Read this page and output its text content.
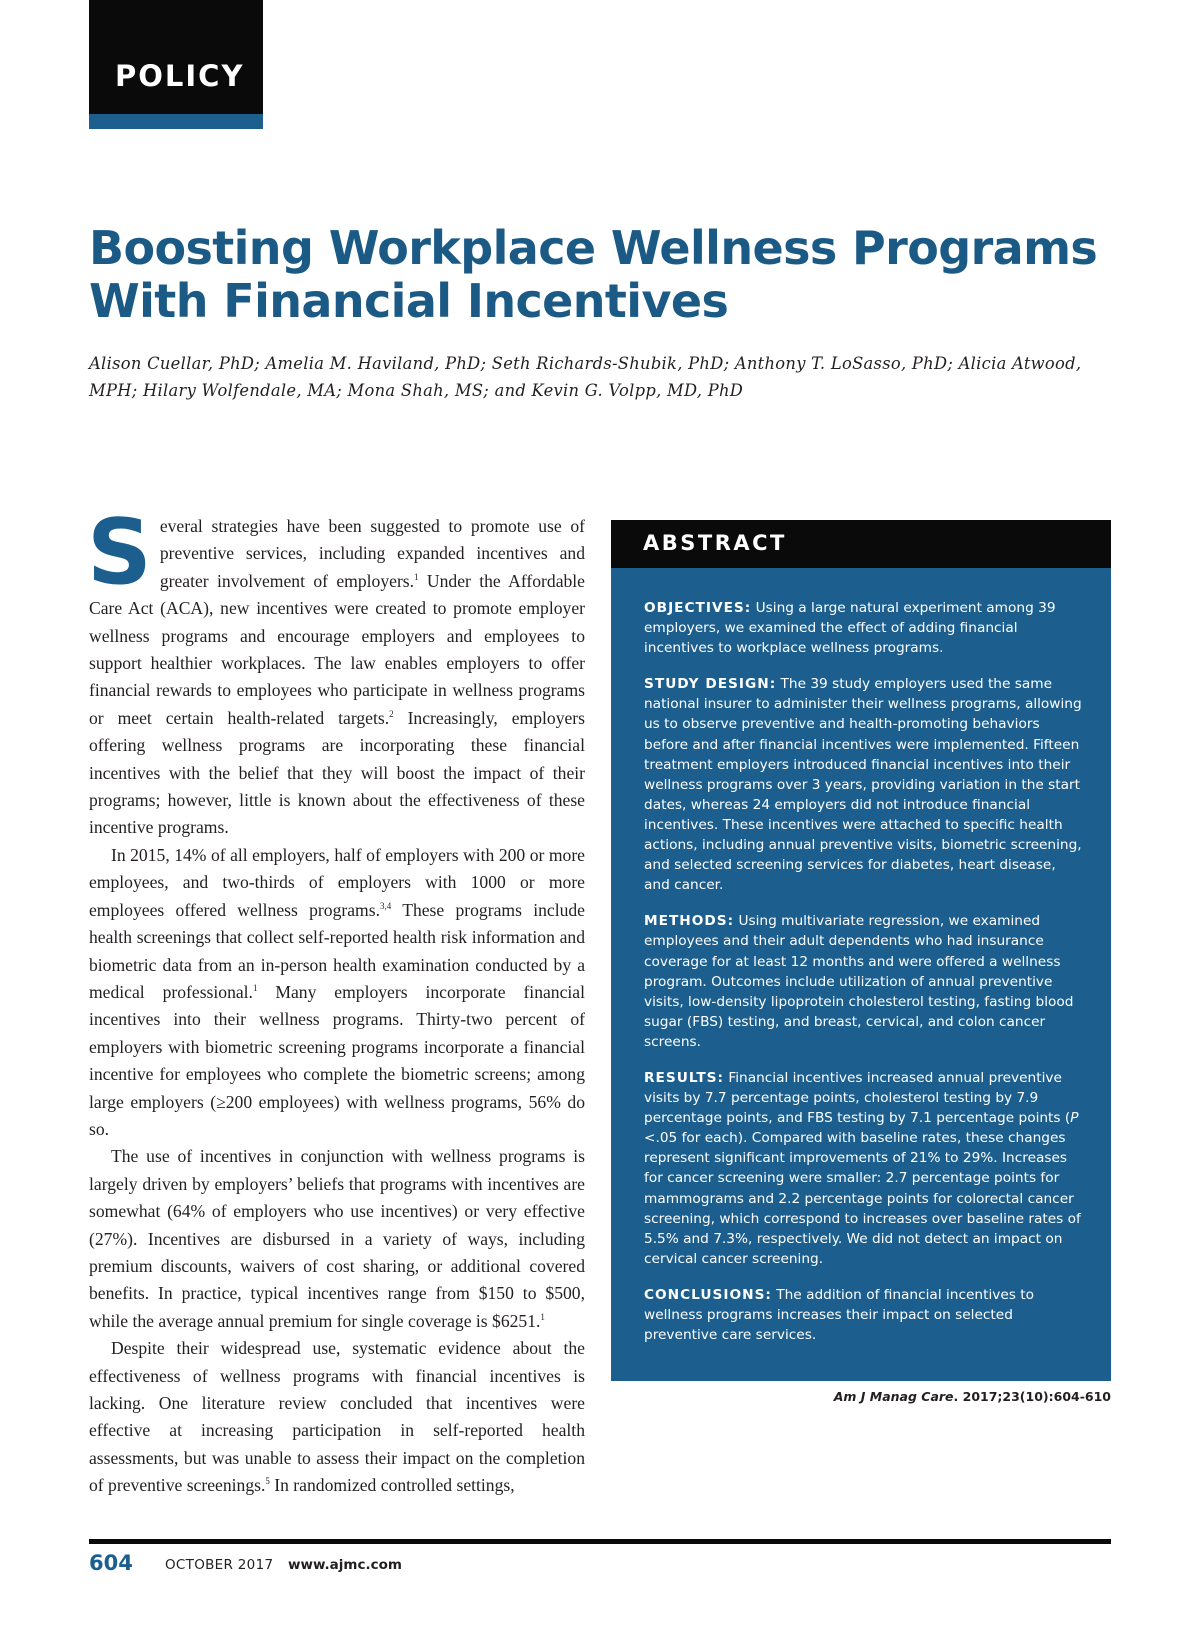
POLICY
Boosting Workplace Wellness Programs With Financial Incentives

Alison Cuellar, PhD; Amelia M. Haviland, PhD; Seth Richards-Shubik, PhD; Anthony T. LoSasso, PhD; Alicia Atwood, MPH; Hilary Wolfendale, MA; Mona Shah, MS; and Kevin G. Volpp, MD, PhD

Several strategies have been suggested to promote use of preventive services, including expanded incentives and greater involvement of employers.$^1$ Under the Affordable Care Act (ACA), new incentives were created to promote employer wellness programs and encourage employers and employees to support healthier workplaces. The law enables employers to offer financial rewards to employees who participate in wellness programs or meet certain health-related targets.$^2$ Increasingly, employers offering wellness programs are incorporating these financial incentives with the belief that they will boost the impact of their programs; however, little is known about the effectiveness of these incentive programs.

In 2015, 14% of all employers, half of employers with 200 or more employees, and two-thirds of employers with 1000 or more employees offered wellness programs.$^{3,4}$ These programs include health screenings that collect self-reported health risk information and biometric data from an in-person health examination conducted by a medical professional.$^1$ Many employers incorporate financial incentives into their wellness programs. Thirty-two percent of employers with biometric screening programs incorporate a financial incentive for employees who complete the biometric screens; among large employers (≥200 employees) with wellness programs, 56% do so.

The use of incentives in conjunction with wellness programs is largely driven by employers’ beliefs that programs with incentives are somewhat (64% of employers who use incentives) or very effective (27%). Incentives are disbursed in a variety of ways, including premium discounts, waivers of cost sharing, or additional covered benefits. In practice, typical incentives range from $150 to $500, while the average annual premium for single coverage is $6251.$^1$

Despite their widespread use, systematic evidence about the effectiveness of wellness programs with financial incentives is lacking. One literature review concluded that incentives were effective at increasing participation in self-reported health assessments, but was unable to assess their impact on the completion of preventive screenings.$^5$ In randomized controlled settings,

ABSTRACT

OBJECTIVES: Using a large natural experiment among 39 employers, we examined the effect of adding financial incentives to workplace wellness programs.

STUDY DESIGN: The 39 study employers used the same national insurer to administer their wellness programs, allowing us to observe preventive and health-promoting behaviors before and after financial incentives were implemented. Fifteen treatment employers introduced financial incentives into their wellness programs over 3 years, providing variation in the start dates, whereas 24 employers did not introduce financial incentives. These incentives were attached to specific health actions, including annual preventive visits, biometric screening, and selected screening services for diabetes, heart disease, and cancer.

METHODS: Using multivariate regression, we examined employees and their adult dependents who had insurance coverage for at least 12 months and were offered a wellness program. Outcomes include utilization of annual preventive visits, low-density lipoprotein cholesterol testing, fasting blood sugar (FBS) testing, and breast, cervical, and colon cancer screens.

RESULTS: Financial incentives increased annual preventive visits by 7.7 percentage points, cholesterol testing by 7.9 percentage points, and FBS testing by 7.1 percentage points (P <.05 for each). Compared with baseline rates, these changes represent significant improvements of 21% to 29%. Increases for cancer screening were smaller: 2.7 percentage points for mammograms and 2.2 percentage points for colorectal cancer screening, which correspond to increases over baseline rates of 5.5% and 7.3%, respectively. We did not detect an impact on cervical cancer screening.

CONCLUSIONS: The addition of financial incentives to wellness programs increases their impact on selected preventive care services.

Am J Manag Care. 2017;23(10):604-610
604 OCTOBER 2017 www.ajmc.com
